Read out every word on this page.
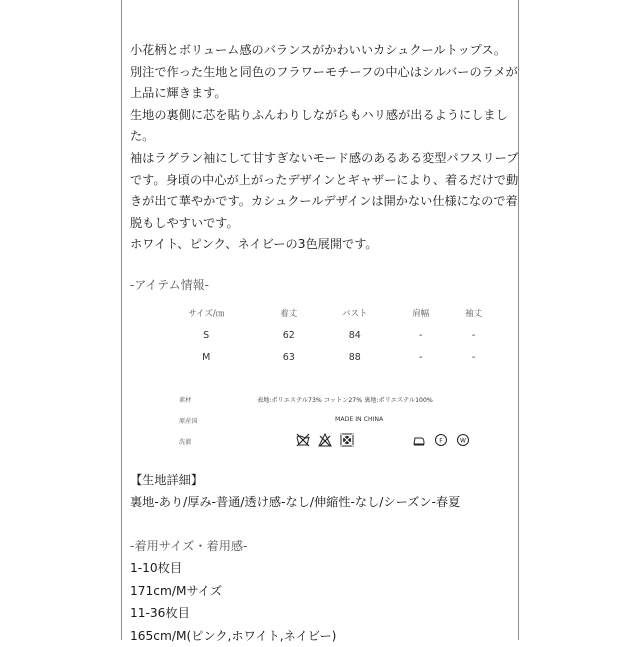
小花柄とボリューム感のバランスがかわいいカシュクールトップス。

別注で作った生地と同色のフラワーモチーフの中心はシルバーのラメが

上品に輝きます。

生地の裏側に芯を貼りふんわりしながらもハリ感が出るようにしまし

た。

袖はラグラン袖にして甘すぎないモード感のあるある変型パフスリーブ

です。身頃の中心が上がったデザインとギャザーにより、着るだけで動

きが出て華やかです。カシュクールデザインは開かない仕様になので着

脱もしやすいです。

ホワイト、ピンク、ネイビーの3色展開です。

-アイテム情報-
サイズ/㎝	着丈	バスト	肩幅	袖丈
S	62	84	-	-
M	63	88	-	-
素材	表地:ポリエステル73% コットン27% 裏地:ポリエステル100%
原産国	MADE IN CHINA
洗濯	F	W

【生地詳細】

裏地-あり/厚み-普通/透け感-なし/伸縮性-なし/シーズン-春夏

-着用サイズ・着用感-

1-10枚目

171cm/Mサイズ

11-36枚目

165cm/M(ピンク,ホワイト,ネイビー)
